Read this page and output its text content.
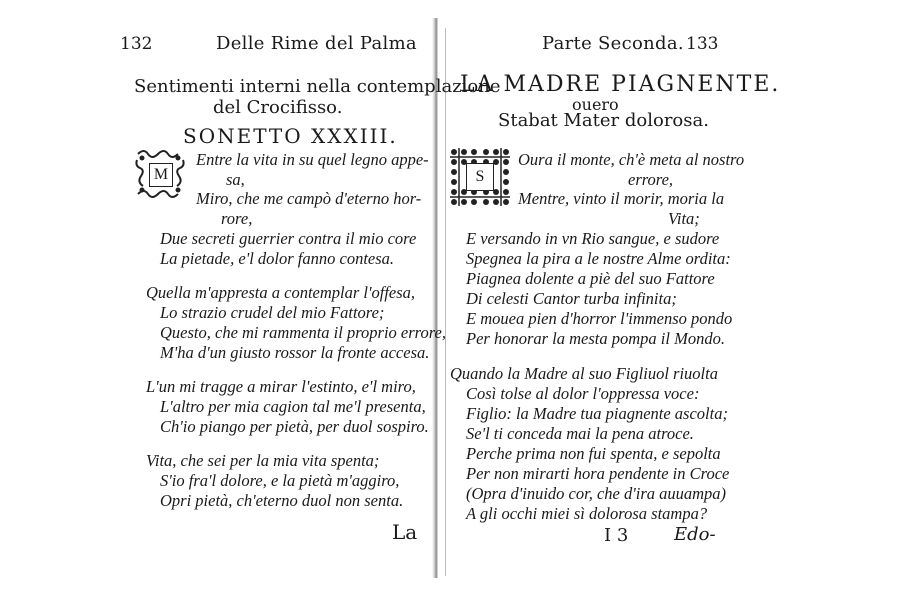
132	Delle Rime del Palma
Sentimenti interni nella contemplazione
del Crocifisso.
SONETTO XXXIII.
M
Entre la vita in su quel legno appe-
sa,
Miro, che me campò d'eterno hor-
rore,
Due secreti guerrier contra il mio core
La pietade, e'l dolor fanno contesa.
Quella m'appresta a contemplar l'offesa,
Lo strazio crudel del mio Fattore;
Questo, che mi rammenta il proprio errore,
M'ha d'un giusto rossor la fronte accesa.
L'un mi tragge a mirar l'estinto, e'l miro,
L'altro per mia cagion tal me'l presenta,
Ch'io piango per pietà, per duol sospiro.
Vita, che sei per la mia vita spenta;
S'io fra'l dolore, e la pietà m'aggiro,
Opri pietà, ch'eterno duol non senta.
La
Parte Seconda. 133
LA MADRE PIAGNENTE.
ouero
Stabat Mater dolorosa.
S
Oura il monte, ch'è meta al nostro
errore,
Mentre, vinto il morir, moria la
Vita;
E versando in vn Rio sangue, e sudore
Spegnea la pira a le nostre Alme ordita:
Piagnea dolente a piè del suo Fattore
Di celesti Cantor turba infinita;
E mouea pien d'horror l'immenso pondo
Per honorar la mesta pompa il Mondo.
Quando la Madre al suo Figliuol riuolta
Così tolse al dolor l'oppressa voce:
Figlio: la Madre tua piagnente ascolta;
Se'l ti conceda mai la pena atroce.
Perche prima non fui spenta, e sepolta
Per non mirarti hora pendente in Croce
(Opra d'inuido cor, che d'ira auuampa)
A gli occhi miei sì dolorosa stampa?
I 3	Edo-
